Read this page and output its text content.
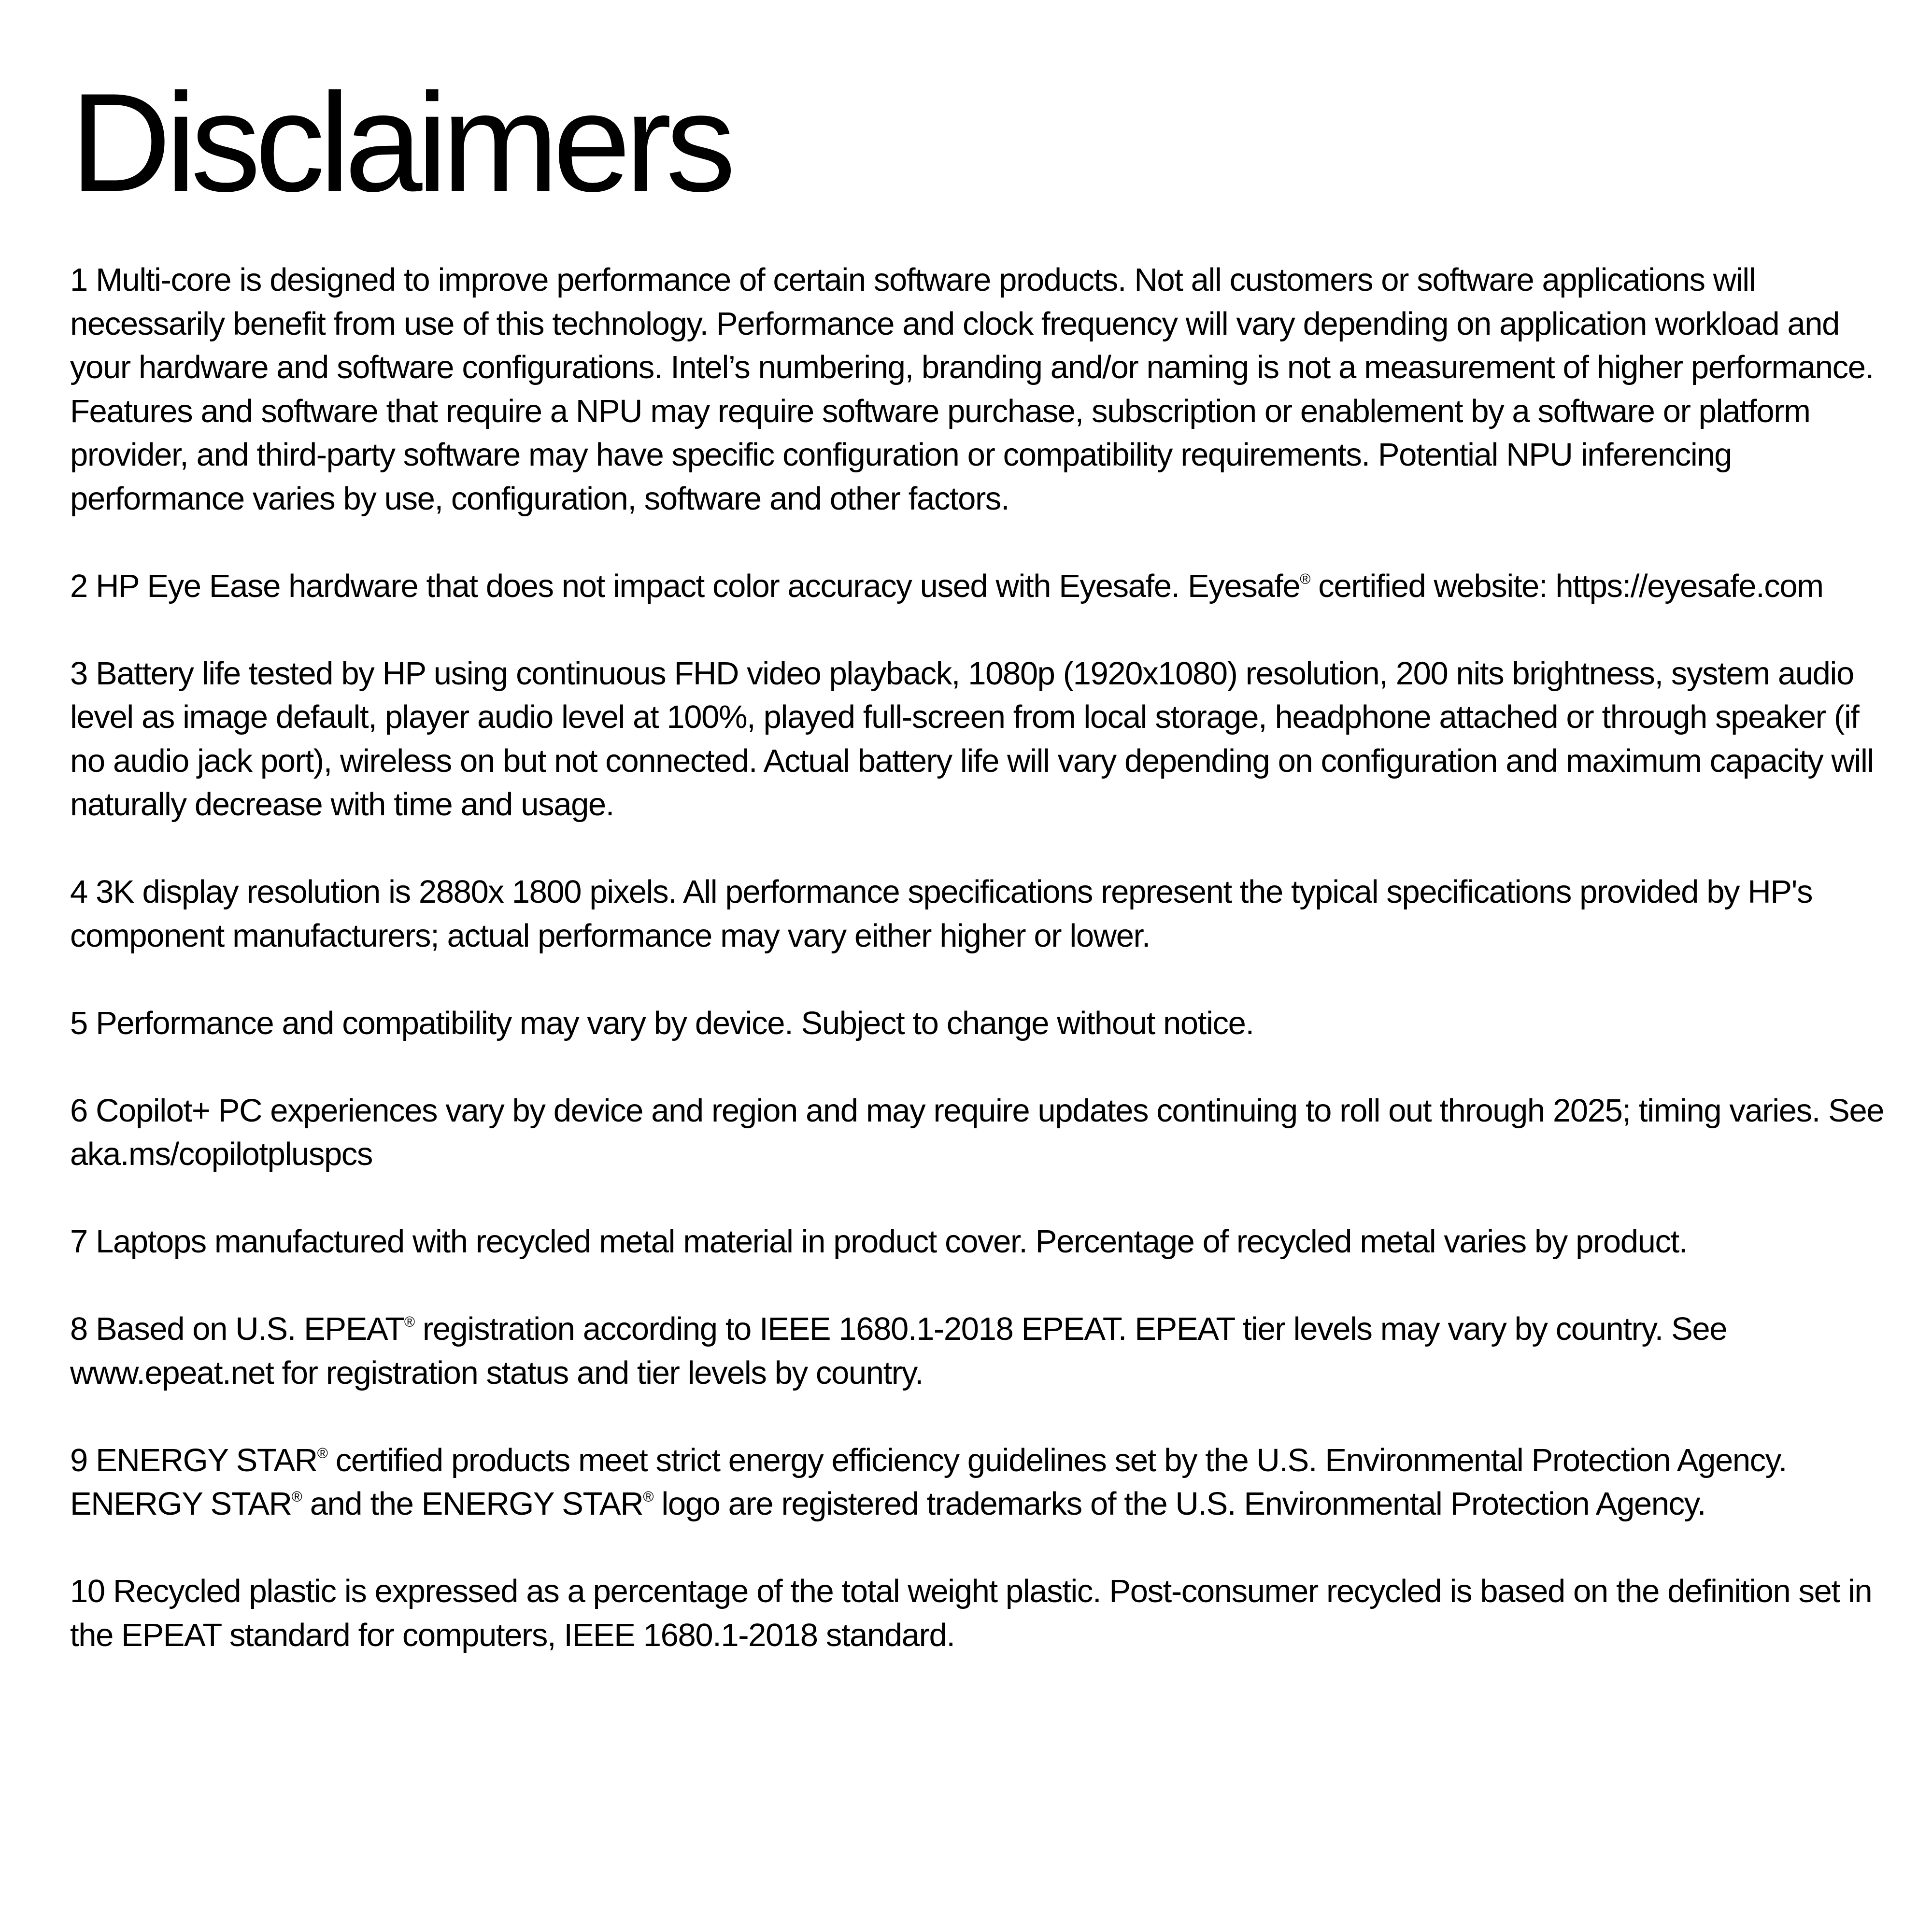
Disclaimers

1 Multi-core is designed to improve performance of certain software products. Not all customers or software applications will necessarily benefit from use of this technology. Performance and clock frequency will vary depending on application workload and your hardware and software configurations. Intel’s numbering, branding and/or naming is not a measurement of higher performance.

Features and software that require a NPU may require software purchase, subscription or enablement by a software or platform provider, and third-party software may have specific configuration or compatibility requirements. Potential NPU inferencing performance varies by use, configuration, software and other factors.

2 HP Eye Ease hardware that does not impact color accuracy used with Eyesafe. Eyesafe® certified website: https://eyesafe.com

3 Battery life tested by HP using continuous FHD video playback, 1080p (1920x1080) resolution, 200 nits brightness, system audio level as image default, player audio level at 100%, played full-screen from local storage, headphone attached or through speaker (if no audio jack port), wireless on but not connected. Actual battery life will vary depending on configuration and maximum capacity will naturally decrease with time and usage.

4 3K display resolution is 2880x 1800 pixels. All performance specifications represent the typical specifications provided by HP's component manufacturers; actual performance may vary either higher or lower.

5 Performance and compatibility may vary by device. Subject to change without notice.

6 Copilot+ PC experiences vary by device and region and may require updates continuing to roll out through 2025; timing varies. See aka.ms/copilotpluspcs

7 Laptops manufactured with recycled metal material in product cover. Percentage of recycled metal varies by product.

8 Based on U.S. EPEAT® registration according to IEEE 1680.1-2018 EPEAT. EPEAT tier levels may vary by country. See www.epeat.net for registration status and tier levels by country.

9 ENERGY STAR® certified products meet strict energy efficiency guidelines set by the U.S. Environmental Protection Agency. ENERGY STAR® and the ENERGY STAR® logo are registered trademarks of the U.S. Environmental Protection Agency.

10 Recycled plastic is expressed as a percentage of the total weight plastic. Post-consumer recycled is based on the definition set in the EPEAT standard for computers, IEEE 1680.1-2018 standard.
